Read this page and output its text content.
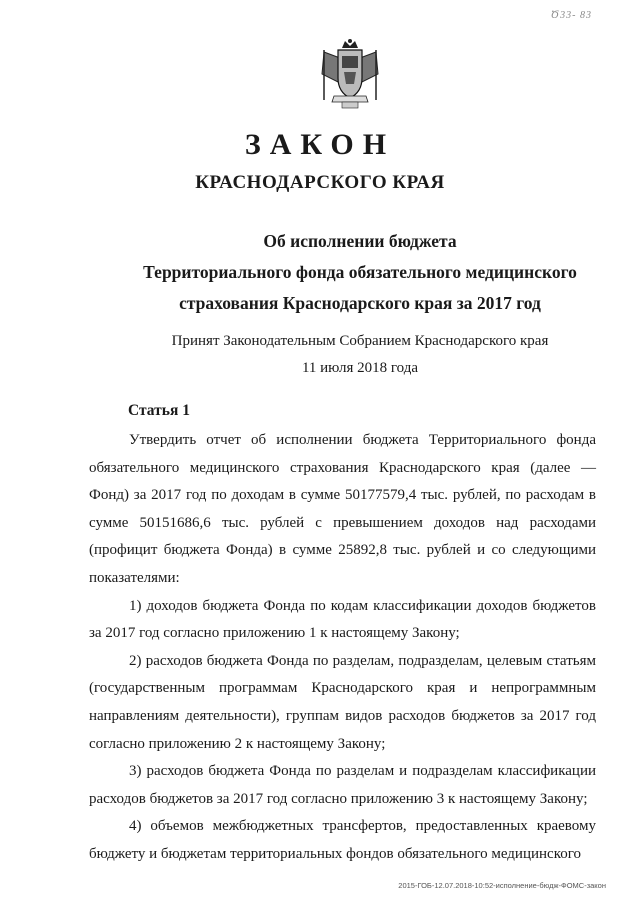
Ծ33- 83
ЗАКОН
КРАСНОДАРСКОГО КРАЯ
Об исполнении бюджета
Территориального фонда обязательного медицинского
страхования Краснодарского края за 2017 год
Принят Законодательным Собранием Краснодарского края
11 июля 2018 года
Статья 1

Утвердить отчет об исполнении бюджета Территориального фонда обязательного медицинского страхования Краснодарского края (далее — Фонд) за 2017 год по доходам в сумме 50177579,4 тыс. рублей, по расходам в сумме 50151686,6 тыс. рублей с превышением доходов над расходами (профицит бюджета Фонда) в сумме 25892,8 тыс. рублей и со следующими показателями:

1) доходов бюджета Фонда по кодам классификации доходов бюджетов за 2017 год согласно приложению 1 к настоящему Закону;

2) расходов бюджета Фонда по разделам, подразделам, целевым статьям (государственным программам Краснодарского края и непрограммным направлениям деятельности), группам видов расходов бюджетов за 2017 год согласно приложению 2 к настоящему Закону;

3) расходов бюджета Фонда по разделам и подразделам классификации расходов бюджетов за 2017 год согласно приложению 3 к настоящему Закону;

4) объемов межбюджетных трансфертов, предоставленных краевому бюджету и бюджетам территориальных фондов обязательного медицинского

2015-ГОБ-12.07.2018-10:52-исполнение-бюдж-ФОМС-закон
